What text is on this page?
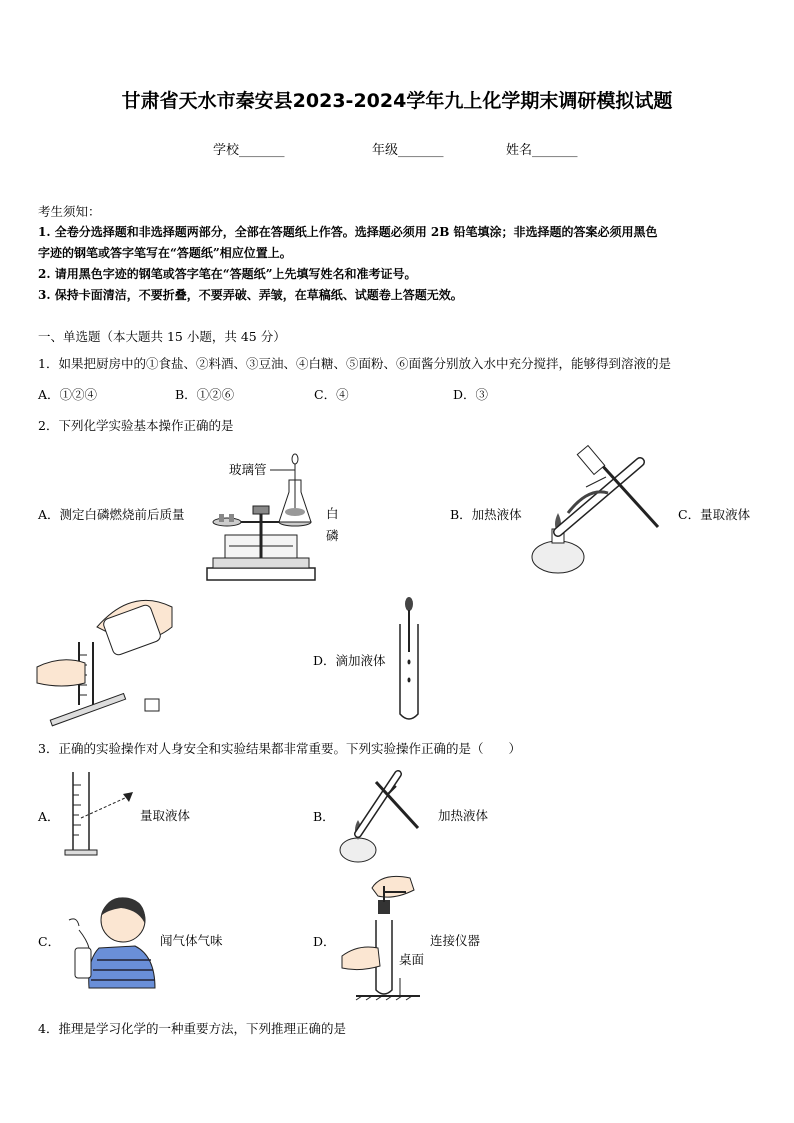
甘肃省天水市秦安县2023-2024学年九上化学期末调研模拟试题
学校_______	年级_______	姓名_______
考生须知：
1. 全卷分选择题和非选择题两部分，全部在答题纸上作答。选择题必须用 2B 铅笔填涂；非选择题的答案必须用黑色
字迹的钢笔或答字笔写在“答题纸”相应位置上。
2. 请用黑色字迹的钢笔或答字笔在“答题纸”上先填写姓名和准考证号。
3. 保持卡面清洁，不要折叠，不要弄破、弄皱，在草稿纸、试题卷上答题无效。
一、单选题（本大题共 15 小题，共 45 分）
1．如果把厨房中的①食盐、②料酒、③豆油、④白糖、⑤面粉、⑥面酱分别放入水中充分搅拌，能够得到溶液的是
A．①②④	B．①②⑥	C．④	D．③
2．下列化学实验基本操作正确的是
A．测定白磷燃烧前后质量
玻璃管
白
磷
B．加热液体	C．量取液体
D．滴加液体
3．正确的实验操作对人身安全和实验结果都非常重要。下列实验操作正确的是（　　）
A．	量取液体	B．	加热液体
C．	闻气体气味	D．	连接仪器
桌面
4．推理是学习化学的一种重要方法，下列推理正确的是
